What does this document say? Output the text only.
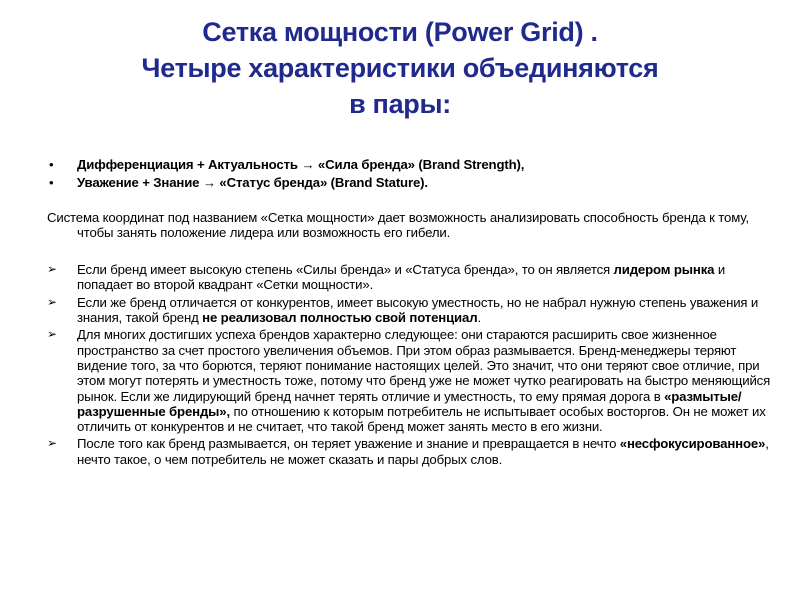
Сетка мощности (Power Grid) .
Четыре характеристики объединяются
в пары:
• Дифференциация + Актуальность → «Сила бренда» (Brand Strength),
• Уважение + Знание → «Статус бренда» (Brand Stature).

Система координат под названием «Сетка мощности» дает возможность анализировать способность бренда к тому, чтобы занять положение лидера или возможность его гибели.

➢ Если бренд имеет высокую степень «Силы бренда» и «Статуса бренда», то он является лидером рынка и попадает во второй квадрант «Сетки мощности».
➢ Если же бренд отличается от конкурентов, имеет высокую уместность, но не набрал нужную степень уважения и знания, такой бренд не реализовал полностью свой потенциал.
➢ Для многих достигших успеха брендов характерно следующее: они стараются расширить свое жизненное пространство за счет простого увеличения объемов. При этом образ размывается. Бренд-менеджеры теряют видение того, за что борются, теряют понимание настоящих целей. Это значит, что они теряют свое отличие, при этом могут потерять и уместность тоже, потому что бренд уже не может чутко реагировать на быстро меняющийся рынок. Если же лидирующий бренд начнет терять отличие и уместность, то ему прямая дорога в «размытые/разрушенные бренды», по отношению к которым потребитель не испытывает особых восторгов. Он не может их отличить от конкурентов и не считает, что такой бренд может занять место в его жизни.
➢ После того как бренд размывается, он теряет уважение и знание и превращается в нечто «несфокусированное», нечто такое, о чем потребитель не может сказать и пары добрых слов.
